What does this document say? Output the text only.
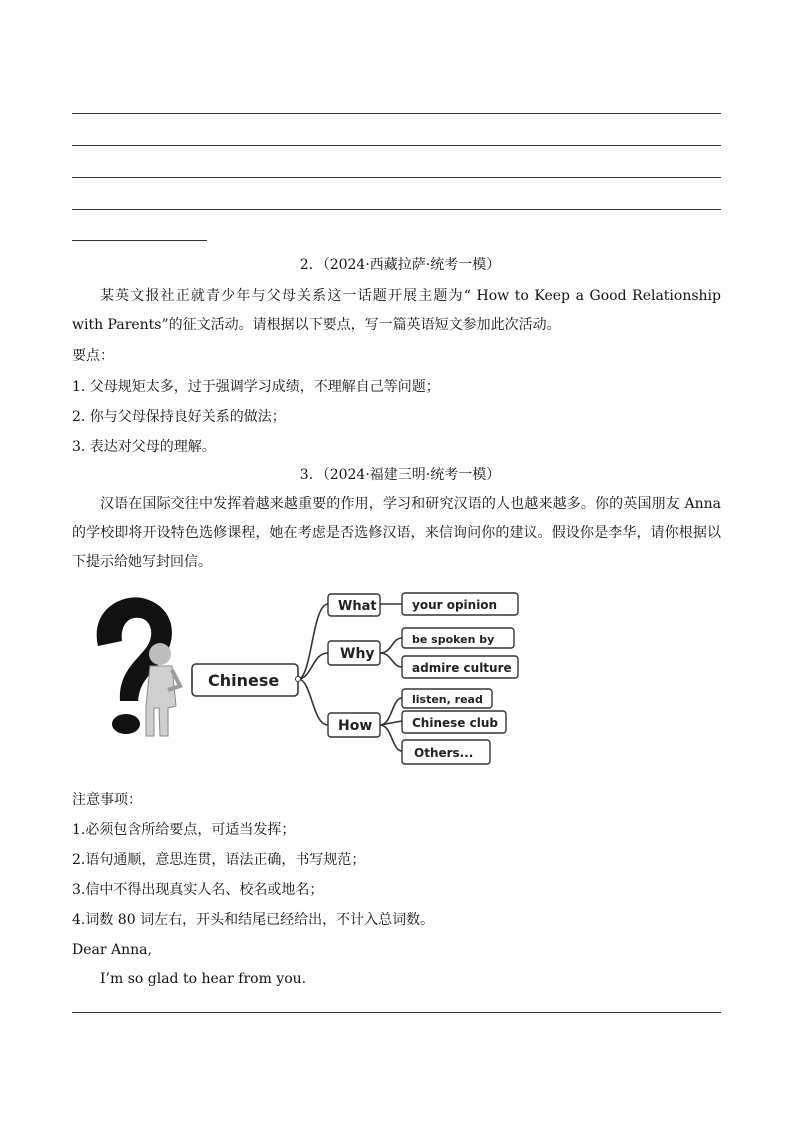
2．（2024·西藏拉萨·统考一模）
某英文报社正就青少年与父母关系这一话题开展主题为“ How to Keep a Good Relationship with Parents”的征文活动。请根据以下要点，写一篇英语短文参加此次活动。
要点：
1. 父母规矩太多，过于强调学习成绩，不理解自己等问题；
2. 你与父母保持良好关系的做法；
3. 表达对父母的理解。
3．（2024·福建三明·统考一模）
汉语在国际交往中发挥着越来越重要的作用，学习和研究汉语的人也越来越多。你的英国朋友 Anna 的学校即将开设特色选修课程，她在考虑是否选修汉语，来信询问你的建议。假设你是李华，请你根据以下提示给她写封回信。
Chinese
What	your opinion
Why
be spoken by
admire culture
How
listen, read
Chinese club
Others...
注意事项：
1.必须包含所给要点，可适当发挥；
2.语句通顺，意思连贯，语法正确，书写规范；
3.信中不得出现真实人名、校名或地名；
4.词数 80 词左右，开头和结尾已经给出，不计入总词数。
Dear Anna,
I’m so glad to hear from you.
